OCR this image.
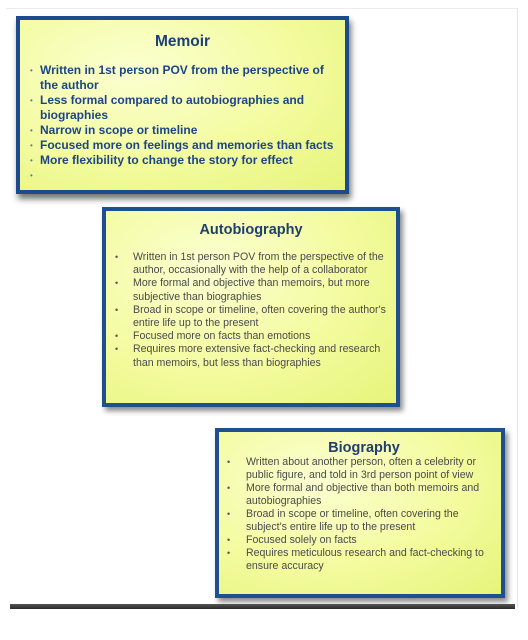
Memoir
• Written in 1st person POV from the perspective of the author
• Less formal compared to autobiographies and biographies
• Narrow in scope or timeline
• Focused more on feelings and memories than facts
• More flexibility to change the story for effect
•
Autobiography
• Written in 1st person POV from the perspective of the author, occasionally with the help of a collaborator
• More formal and objective than memoirs, but more subjective than biographies
• Broad in scope or timeline, often covering the author's entire life up to the present
• Focused more on facts than emotions
• Requires more extensive fact-checking and research than memoirs, but less than biographies
Biography
• Written about another person, often a celebrity or public figure, and told in 3rd person point of view
• More formal and objective than both memoirs and autobiographies
• Broad in scope or timeline, often covering the subject's entire life up to the present
• Focused solely on facts
• Requires meticulous research and fact-checking to ensure accuracy
